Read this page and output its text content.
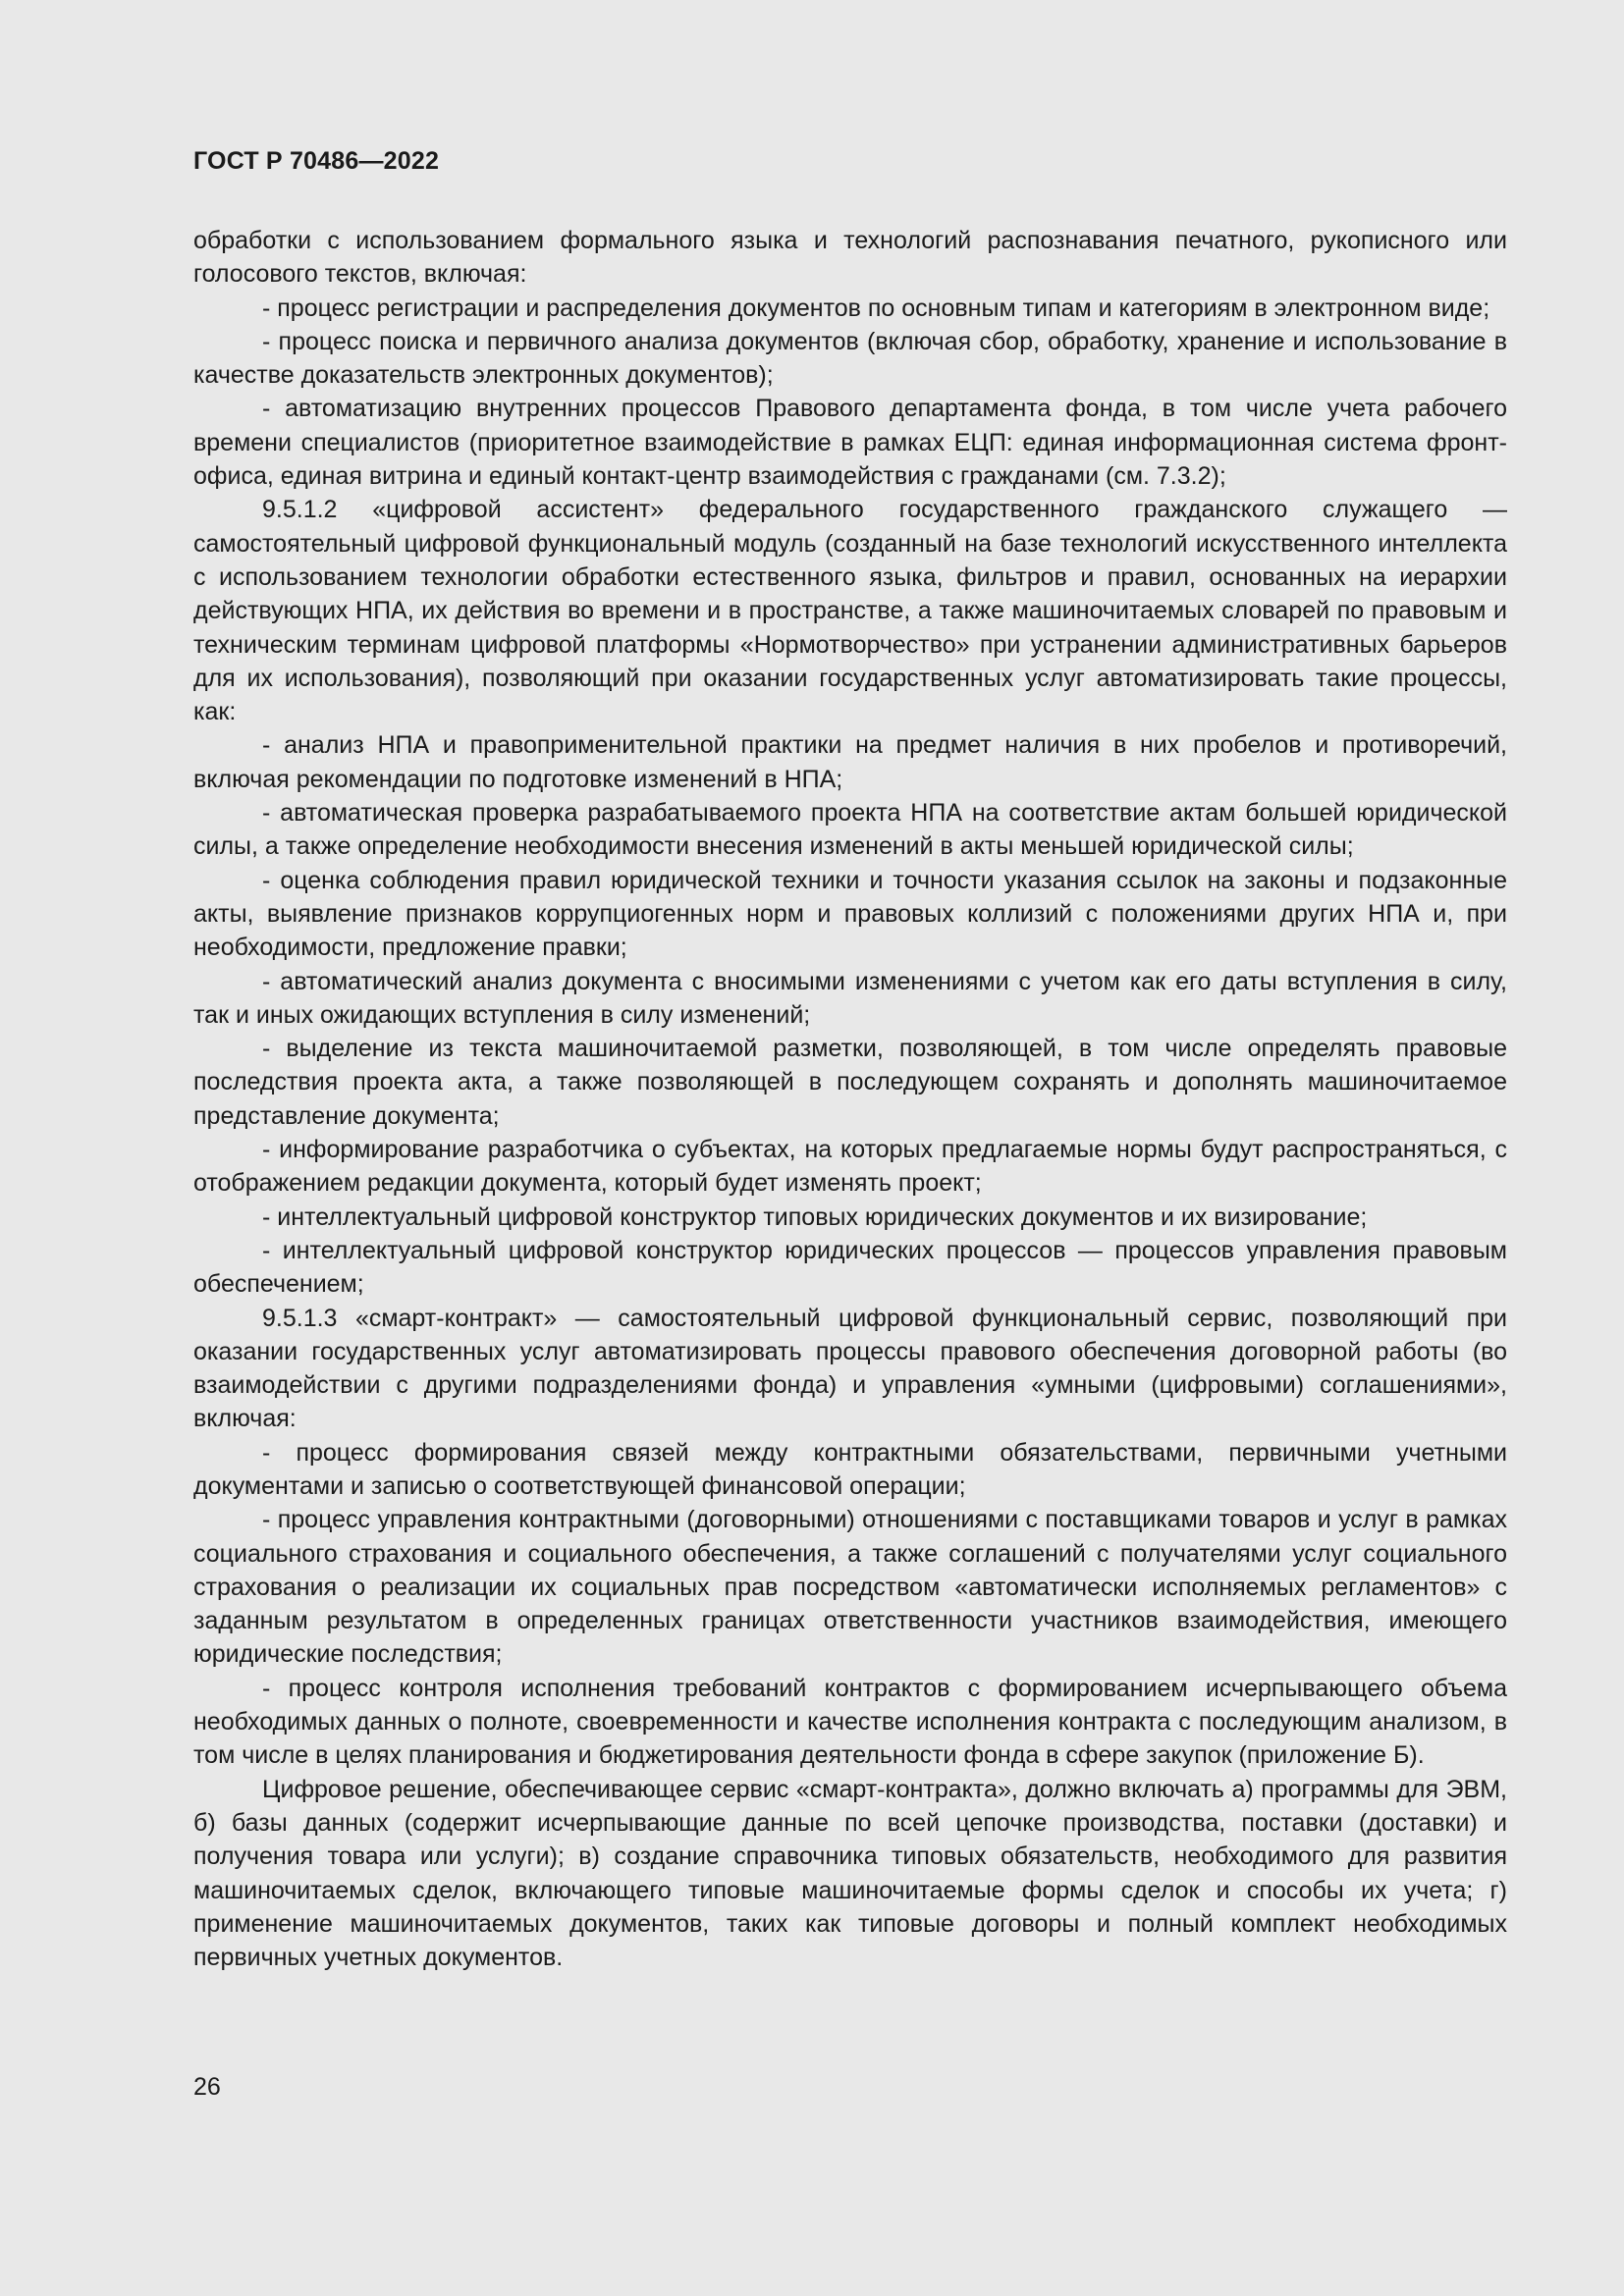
ГОСТ Р 70486—2022

обработки с использованием формального языка и технологий распознавания печатного, рукописного или голосового текстов, включая:

- процесс регистрации и распределения документов по основным типам и категориям в электронном виде;

- процесс поиска и первичного анализа документов (включая сбор, обработку, хранение и использование в качестве доказательств электронных документов);

- автоматизацию внутренних процессов Правового департамента фонда, в том числе учета рабочего времени специалистов (приоритетное взаимодействие в рамках ЕЦП: единая информационная система фронт-офиса, единая витрина и единый контакт-центр взаимодействия с гражданами (см. 7.3.2);

9.5.1.2 «цифровой ассистент» федерального государственного гражданского служащего — самостоятельный цифровой функциональный модуль (созданный на базе технологий искусственного интеллекта с использованием технологии обработки естественного языка, фильтров и правил, основанных на иерархии действующих НПА, их действия во времени и в пространстве, а также машиночитаемых словарей по правовым и техническим терминам цифровой платформы «Нормотворчество» при устранении административных барьеров для их использования), позволяющий при оказании государственных услуг автоматизировать такие процессы, как:

- анализ НПА и правоприменительной практики на предмет наличия в них пробелов и противоречий, включая рекомендации по подготовке изменений в НПА;

- автоматическая проверка разрабатываемого проекта НПА на соответствие актам большей юридической силы, а также определение необходимости внесения изменений в акты меньшей юридической силы;

- оценка соблюдения правил юридической техники и точности указания ссылок на законы и подзаконные акты, выявление признаков коррупциогенных норм и правовых коллизий с положениями других НПА и, при необходимости, предложение правки;

- автоматический анализ документа с вносимыми изменениями с учетом как его даты вступления в силу, так и иных ожидающих вступления в силу изменений;

- выделение из текста машиночитаемой разметки, позволяющей, в том числе определять правовые последствия проекта акта, а также позволяющей в последующем сохранять и дополнять машиночитаемое представление документа;

- информирование разработчика о субъектах, на которых предлагаемые нормы будут распространяться, с отображением редакции документа, который будет изменять проект;

- интеллектуальный цифровой конструктор типовых юридических документов и их визирование;

- интеллектуальный цифровой конструктор юридических процессов — процессов управления правовым обеспечением;

9.5.1.3 «смарт-контракт» — самостоятельный цифровой функциональный сервис, позволяющий при оказании государственных услуг автоматизировать процессы правового обеспечения договорной работы (во взаимодействии с другими подразделениями фонда) и управления «умными (цифровыми) соглашениями», включая:

- процесс формирования связей между контрактными обязательствами, первичными учетными документами и записью о соответствующей финансовой операции;

- процесс управления контрактными (договорными) отношениями с поставщиками товаров и услуг в рамках социального страхования и социального обеспечения, а также соглашений с получателями услуг социального страхования о реализации их социальных прав посредством «автоматически исполняемых регламентов» с заданным результатом в определенных границах ответственности участников взаимодействия, имеющего юридические последствия;

- процесс контроля исполнения требований контрактов с формированием исчерпывающего объема необходимых данных о полноте, своевременности и качестве исполнения контракта с последующим анализом, в том числе в целях планирования и бюджетирования деятельности фонда в сфере закупок (приложение Б).

Цифровое решение, обеспечивающее сервис «смарт-контракта», должно включать а) программы для ЭВМ, б) базы данных (содержит исчерпывающие данные по всей цепочке производства, поставки (доставки) и получения товара или услуги); в) создание справочника типовых обязательств, необходимого для развития машиночитаемых сделок, включающего типовые машиночитаемые формы сделок и способы их учета; г) применение машиночитаемых документов, таких как типовые договоры и полный комплект необходимых первичных учетных документов.

26
